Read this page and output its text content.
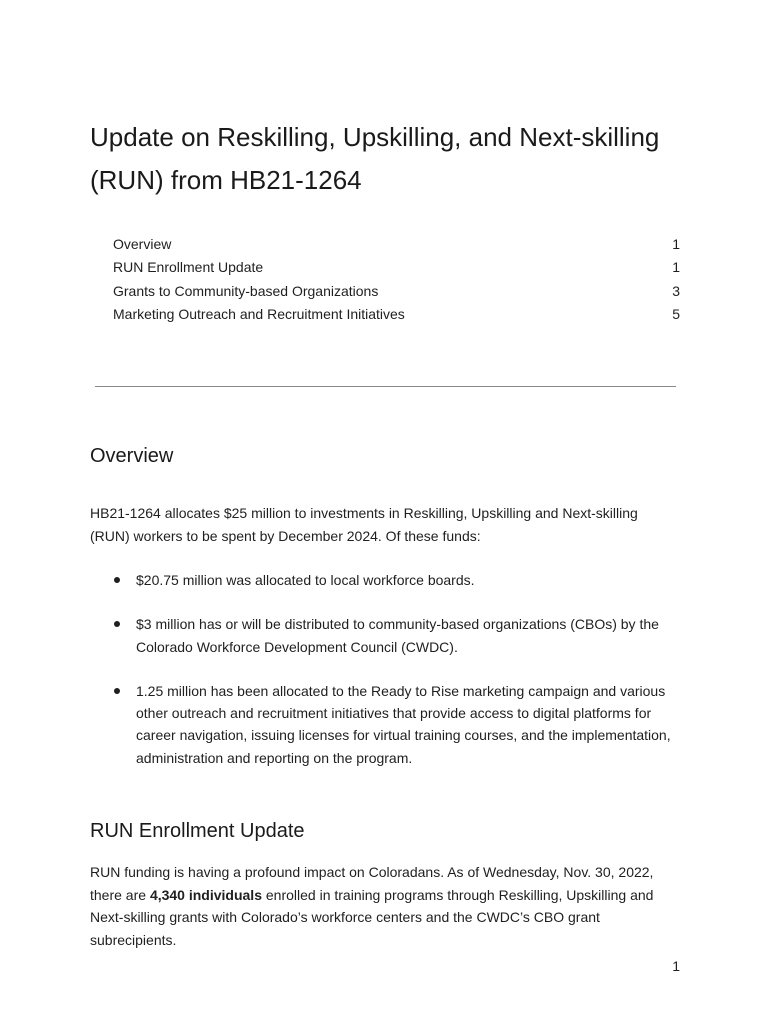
Update on Reskilling, Upskilling, and Next-skilling (RUN) from HB21-1264
Overview	1
RUN Enrollment Update	1
Grants to Community-based Organizations	3
Marketing Outreach and Recruitment Initiatives	5
Overview

HB21-1264 allocates $25 million to investments in Reskilling, Upskilling and Next-skilling (RUN) workers to be spent by December 2024. Of these funds:

$20.75 million was allocated to local workforce boards.
$3 million has or will be distributed to community-based organizations (CBOs) by the Colorado Workforce Development Council (CWDC).
1.25 million has been allocated to the Ready to Rise marketing campaign and various other outreach and recruitment initiatives that provide access to digital platforms for career navigation, issuing licenses for virtual training courses, and the implementation, administration and reporting on the program.
RUN Enrollment Update

RUN funding is having a profound impact on Coloradans. As of Wednesday, Nov. 30, 2022, there are 4,340 individuals enrolled in training programs through Reskilling, Upskilling and Next-skilling grants with Colorado’s workforce centers and the CWDC’s CBO grant subrecipients.

1
